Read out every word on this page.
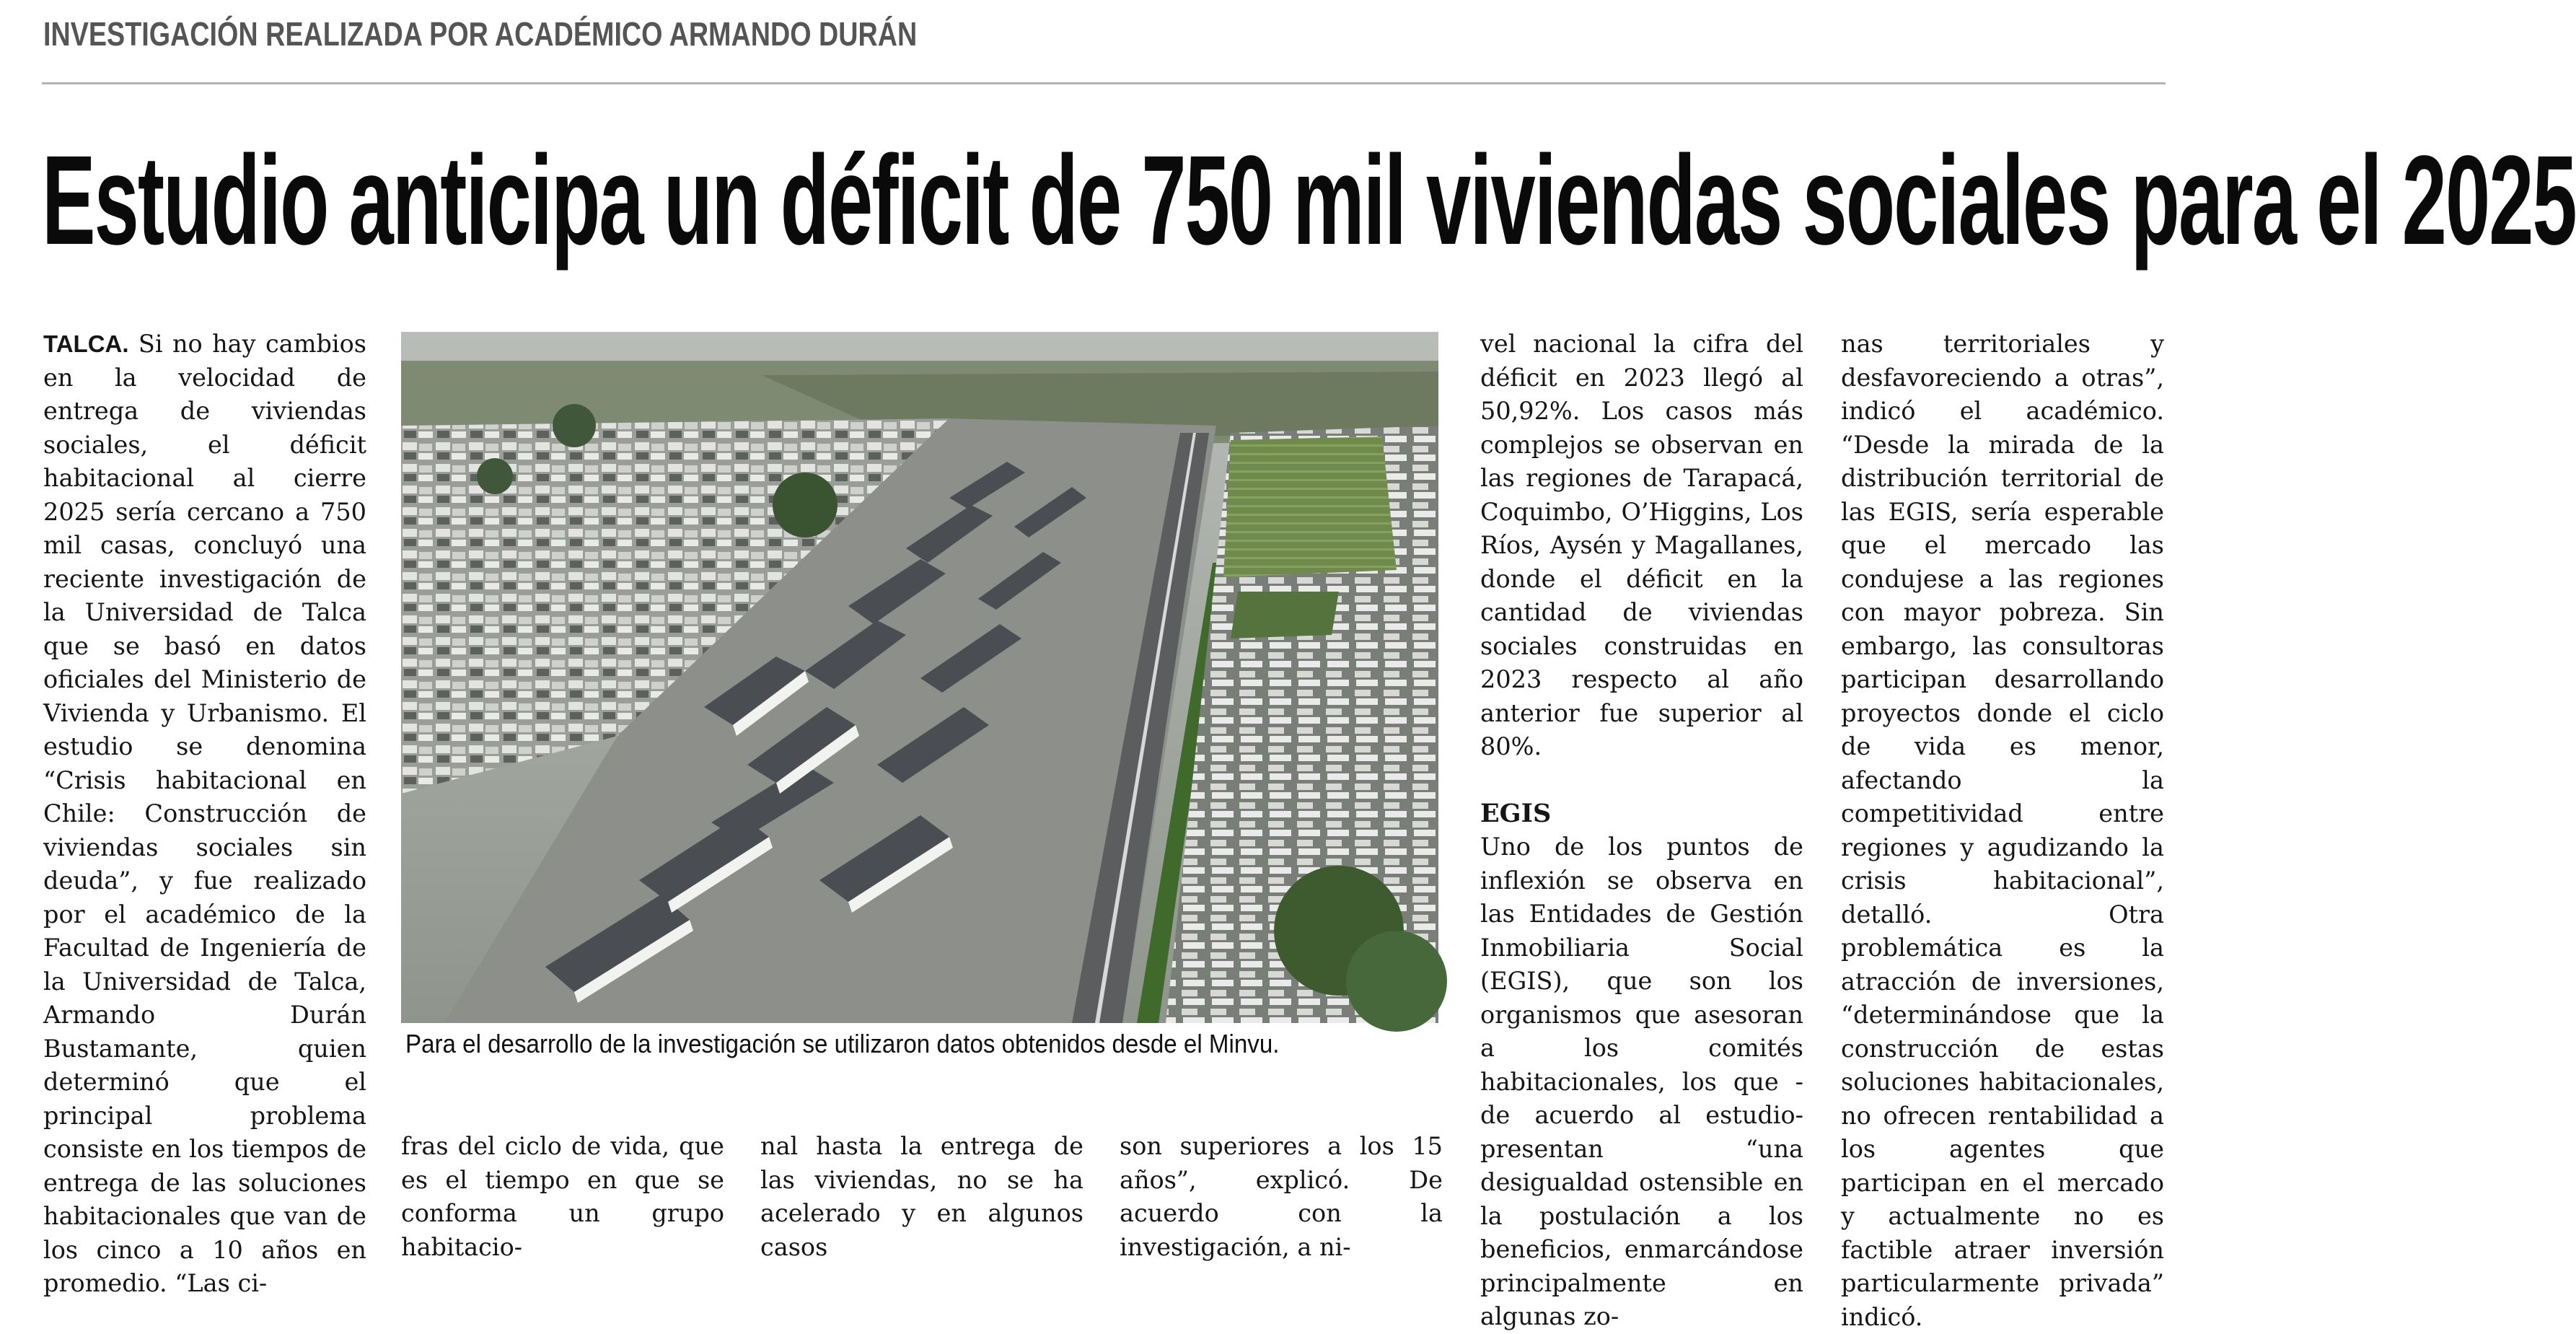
INVESTIGACIÓN REALIZADA POR ACADÉMICO ARMANDO DURÁN
Estudio anticipa un déficit de 750 mil viviendas sociales para el 2025

TALCA. Si no hay cambios en la velocidad de entrega de viviendas sociales, el déficit habitacional al cierre 2025 sería cercano a 750 mil casas, concluyó una reciente investigación de la Universidad de Talca que se basó en datos oficiales del Ministerio de Vivienda y Urbanismo. El estudio se denomina “Crisis habitacional en Chile: Construcción de viviendas sociales sin deuda”, y fue realizado por el académico de la Facultad de Ingeniería de la Universidad de Talca, Armando Durán Bustamante, quien determinó que el principal problema consiste en los tiempos de entrega de las soluciones habitacionales que van de los cinco a 10 años en promedio. “Las ci-

Para el desarrollo de la investigación se utilizaron datos obtenidos desde el Minvu.

fras del ciclo de vida, que es el tiempo en que se conforma un grupo habitacio-

nal hasta la entrega de las viviendas, no se ha acelerado y en algunos casos

son superiores a los 15 años”, explicó. De acuerdo con la investigación, a ni-

vel nacional la cifra del déficit en 2023 llegó al 50,92%. Los casos más complejos se observan en las regiones de Tarapacá, Coquimbo, O’Higgins, Los Ríos, Aysén y Magallanes, donde el déficit en la cantidad de viviendas sociales construidas en 2023 respecto al año anterior fue superior al 80%.

EGIS

Uno de los puntos de inflexión se observa en las Entidades de Gestión Inmobiliaria Social (EGIS), que son los organismos que asesoran a los comités habitacionales, los que -de acuerdo al estudio- presentan “una desigualdad ostensible en la postulación a los beneficios, enmarcándose principalmente en algunas zo-

nas territoriales y desfavoreciendo a otras”, indicó el académico. “Desde la mirada de la distribución territorial de las EGIS, sería esperable que el mercado las condujese a las regiones con mayor pobreza. Sin embargo, las consultoras participan desarrollando proyectos donde el ciclo de vida es menor, afectando la competitividad entre regiones y agudizando la crisis habitacional”, detalló. Otra problemática es la atracción de inversiones, “determinándose que la construcción de estas soluciones habitacionales, no ofrecen rentabilidad a los agentes que participan en el mercado y actualmente no es factible atraer inversión particularmente privada” indicó.
